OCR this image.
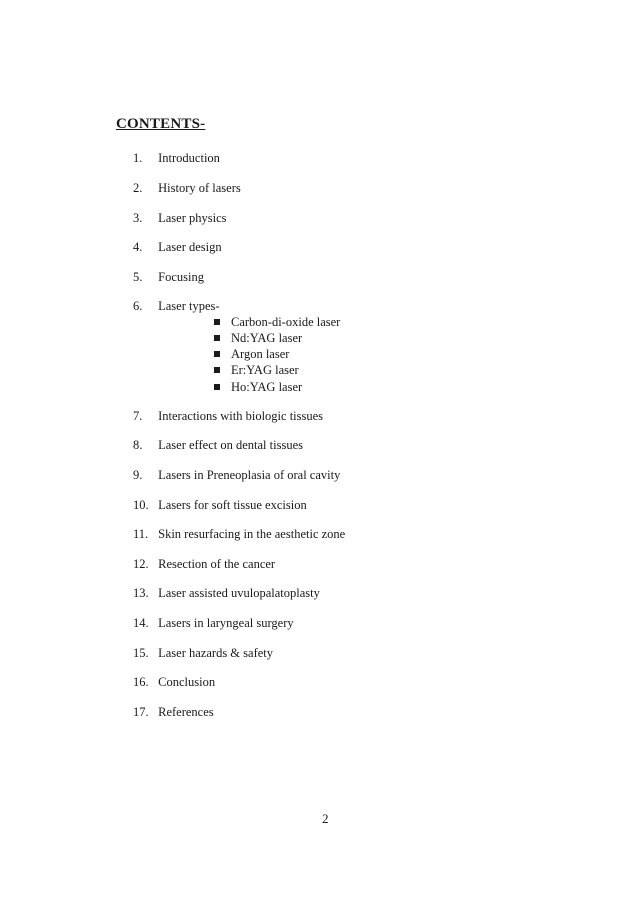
CONTENTS-
1. Introduction
2. History of lasers
3. Laser physics
4. Laser design
5. Focusing
6. Laser types-
Carbon-di-oxide laser
Nd:YAG laser
Argon laser
Er:YAG laser
Ho:YAG laser
7. Interactions with biologic tissues
8. Laser effect on dental tissues
9. Lasers in Preneoplasia of oral cavity
10. Lasers for soft tissue excision
11. Skin resurfacing in the aesthetic zone
12. Resection of the cancer
13. Laser assisted uvulopalatoplasty
14. Lasers in laryngeal surgery
15. Laser hazards & safety
16. Conclusion
17. References
2
